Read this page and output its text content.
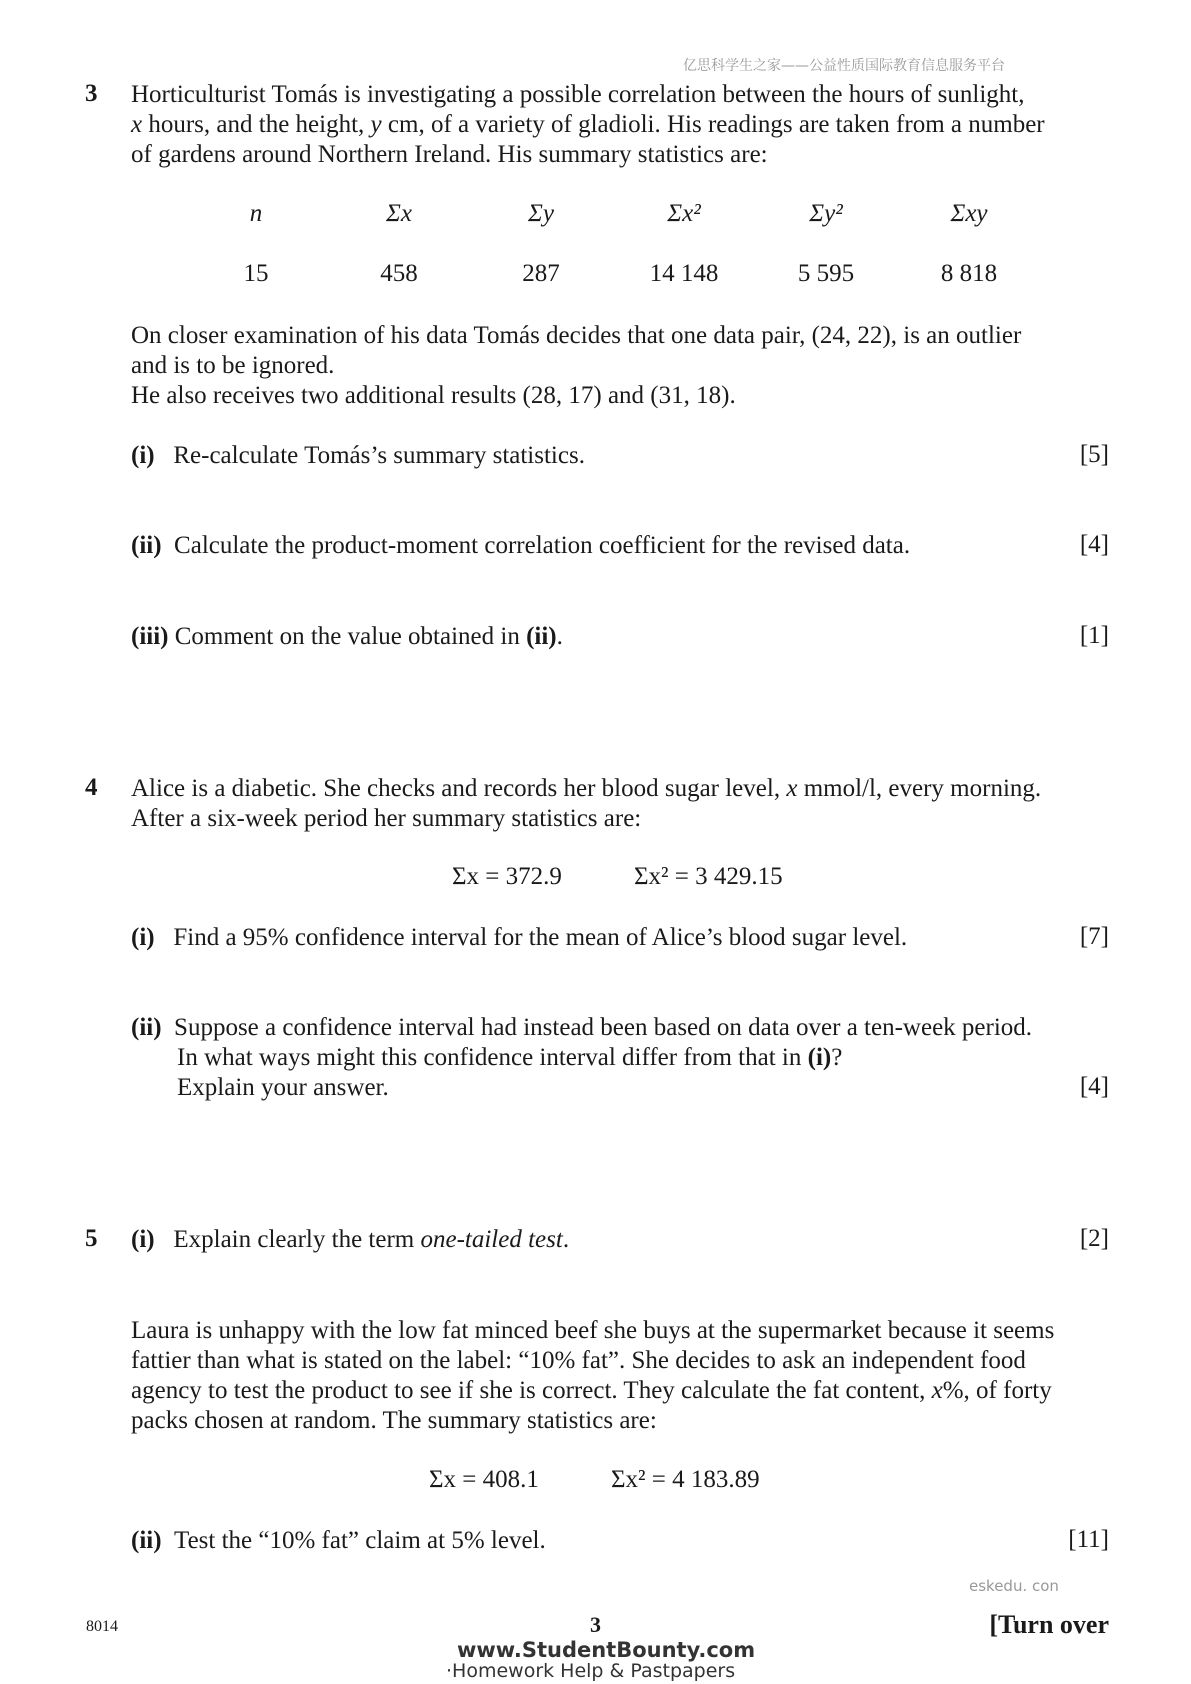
亿思科学生之家——公益性质国际教育信息服务平台
3 Horticulturist Tomás is investigating a possible correlation between the hours of sunlight,
x hours, and the height, y cm, of a variety of gladioli. His readings are taken from a number
of gardens around Northern Ireland. His summary statistics are:
n	Σx	Σy	Σx²	Σy²	Σxy
15	458	287	14 148	5 595	8 818
On closer examination of his data Tomás decides that one data pair, (24, 22), is an outlier
and is to be ignored.
He also receives two additional results (28, 17) and (31, 18).
(i) Re-calculate Tomás’s summary statistics.	[5]
(ii) Calculate the product-moment correlation coefficient for the revised data.	[4]
(iii) Comment on the value obtained in (ii).	[1]
4 Alice is a diabetic. She checks and records her blood sugar level, x mmol/l, every morning.
After a six-week period her summary statistics are:
Σx = 372.9	Σx² = 3 429.15
(i) Find a 95% confidence interval for the mean of Alice’s blood sugar level.	[7]
(ii) Suppose a confidence interval had instead been based on data over a ten-week period.
In what ways might this confidence interval differ from that in (i)?
Explain your answer.	[4]
5 (i) Explain clearly the term one-tailed test.	[2]
Laura is unhappy with the low fat minced beef she buys at the supermarket because it seems
fattier than what is stated on the label: “10% fat”. She decides to ask an independent food
agency to test the product to see if she is correct. They calculate the fat content, x%, of forty
packs chosen at random. The summary statistics are:
Σx = 408.1	Σx² = 4 183.89
(ii) Test the “10% fat” claim at 5% level.	[11]
eskedu. con
8014	3	[Turn over
www.StudentBounty.com
·Homework Help & Pastpapers
